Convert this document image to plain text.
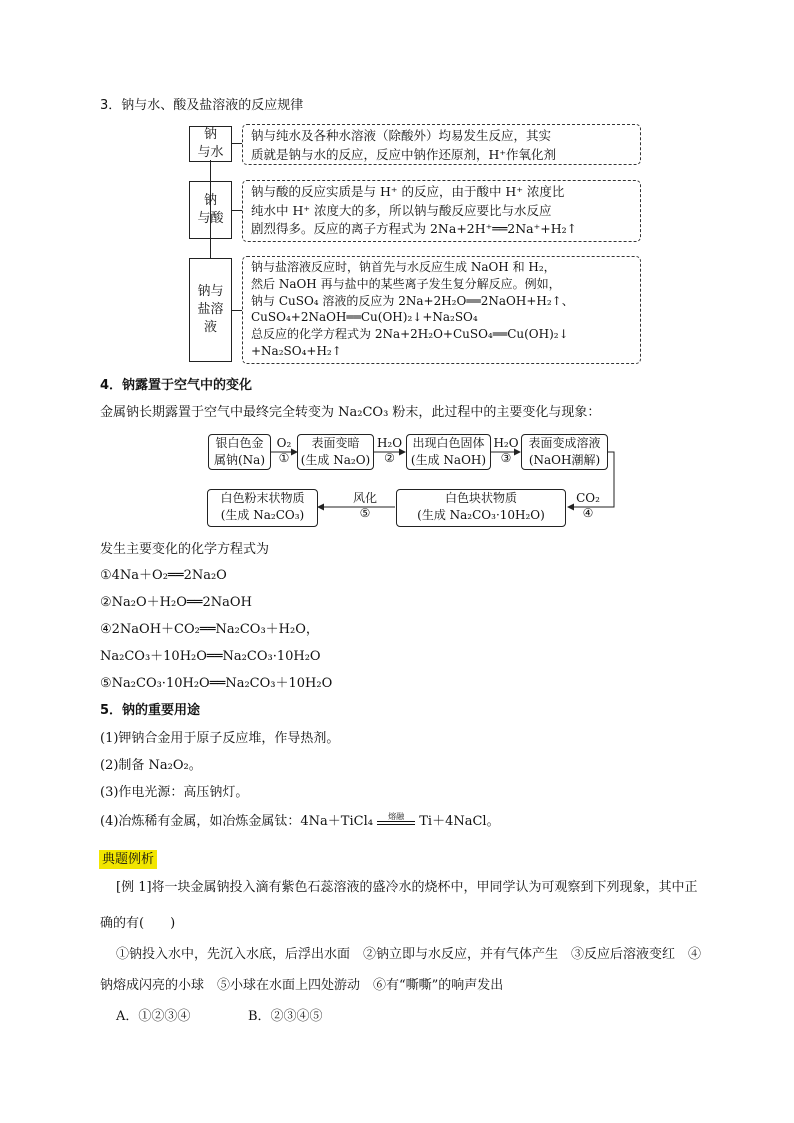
3．钠与水、酸及盐溶液的反应规律
钠
与水
钠与纯水及各种水溶液（除酸外）均易发生反应，其实
质就是钠与水的反应，反应中钠作还原剂，H⁺作氧化剂
钠
与酸
钠与酸的反应实质是与 H⁺ 的反应，由于酸中 H⁺ 浓度比
纯水中 H⁺ 浓度大的多，所以钠与酸反应要比与水反应
剧烈得多。反应的离子方程式为 2Na+2H⁺══2Na⁺+H₂↑
钠与
盐溶
液
钠与盐溶液反应时，钠首先与水反应生成 NaOH 和 H₂，
然后 NaOH 再与盐中的某些离子发生复分解反应。例如，
钠与 CuSO₄ 溶液的反应为 2Na+2H₂O══2NaOH+H₂↑、
CuSO₄+2NaOH══Cu(OH)₂↓+Na₂SO₄
总反应的化学方程式为 2Na+2H₂O+CuSO₄══Cu(OH)₂↓
+Na₂SO₄+H₂↑
4．钠露置于空气中的变化
金属钠长期露置于空气中最终完全转变为 Na₂CO₃ 粉末，此过程中的主要变化与现象：
银白色金
属钠(Na)
表面变暗
(生成 Na₂O)
出现白色固体
(生成 NaOH)
表面变成溶液
(NaOH潮解)
白色块状物质
(生成 Na₂CO₃·10H₂O)
白色粉末状物质
(生成 Na₂CO₃)
O₂
①
H₂O
②
H₂O
③
CO₂
④
风化
⑤
发生主要变化的化学方程式为
①4Na＋O₂══2Na₂O
②Na₂O＋H₂O══2NaOH
④2NaOH＋CO₂══Na₂CO₃＋H₂O，
Na₂CO₃＋10H₂O══Na₂CO₃·10H₂O
⑤Na₂CO₃·10H₂O══Na₂CO₃＋10H₂O
5．钠的重要用途
(1)钾钠合金用于原子反应堆，作导热剂。
(2)制备 Na₂O₂。
(3)作电光源：高压钠灯。
(4)冶炼稀有金属，如冶炼金属钛：4Na＋TiCl₄	熔融	Ti＋4NaCl。
典题例析
[例 1]将一块金属钠投入滴有紫色石蕊溶液的盛冷水的烧杯中，甲同学认为可观察到下列现象，其中正
确的有(　　)
①钠投入水中，先沉入水底，后浮出水面　②钠立即与水反应，并有气体产生　③反应后溶液变红　④
钠熔成闪亮的小球　⑤小球在水面上四处游动　⑥有“嘶嘶”的响声发出
A．①②③④	B．②③④⑤
